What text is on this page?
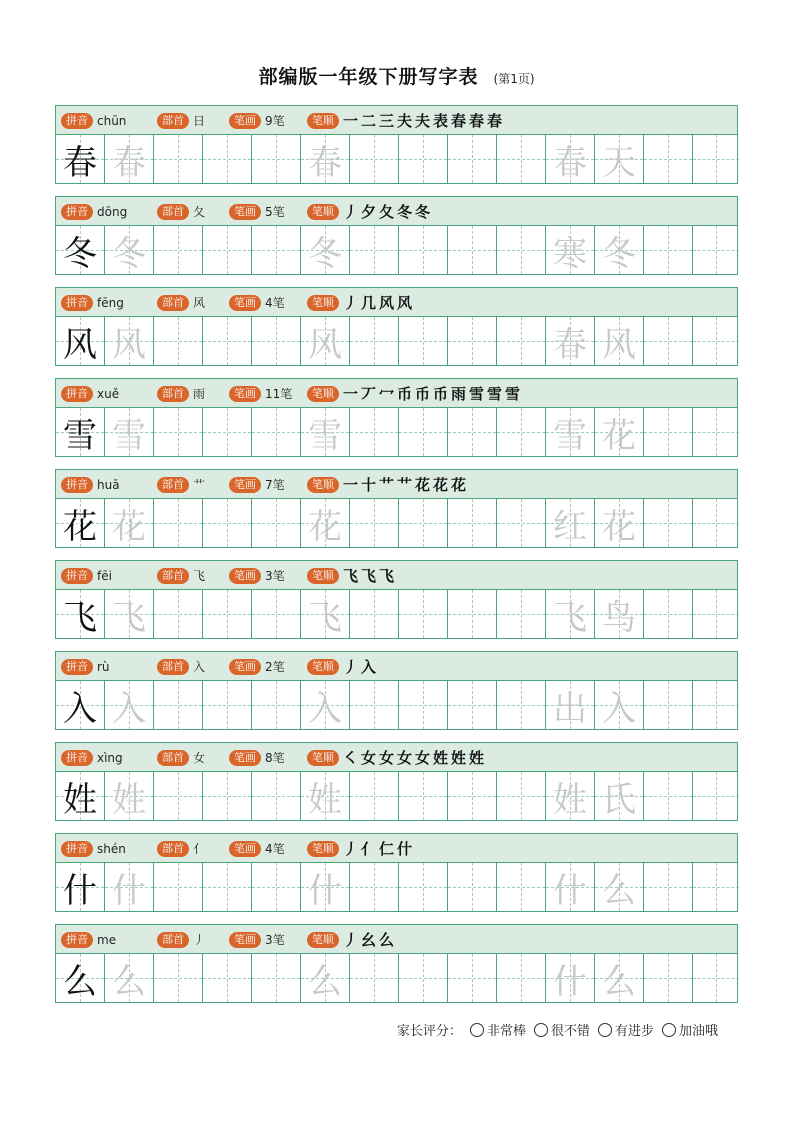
部编版一年级下册写字表 (第1页)
拼音 chūn	部首 日	笔画 9笔	笔顺 一二三夫夫表春春春
春 春	春	春 天
拼音 dōng	部首 夂	笔画 5笔	笔顺 丿夕夂冬冬
冬 冬	冬	寒 冬
拼音 fēng	部首 风	笔画 4笔	笔顺 丿几风风
风 风	风	春 风
拼音 xuě	部首 雨	笔画 11笔	笔顺 一丆冖币币币雨雪雪雪
雪 雪	雪	雪 花
拼音 huā	部首 艹	笔画 7笔	笔顺 一十艹艹花花花
花 花	花	红 花
拼音 fēi	部首 飞	笔画 3笔	笔顺 飞飞飞
飞 飞	飞	飞 鸟
拼音 rù	部首 入	笔画 2笔	笔顺 丿入
入 入	入	出 入
拼音 xìng	部首 女	笔画 8笔	笔顺 ㇛女女女女姓姓姓
姓 姓	姓	姓 氏
拼音 shén	部首 亻	笔画 4笔	笔顺 丿亻仁什
什 什	什	什 么
拼音 me	部首 丿	笔画 3笔	笔顺 丿幺么
么 么	么	什 么
家长评分： 非常棒 很不错 有进步 加油哦
